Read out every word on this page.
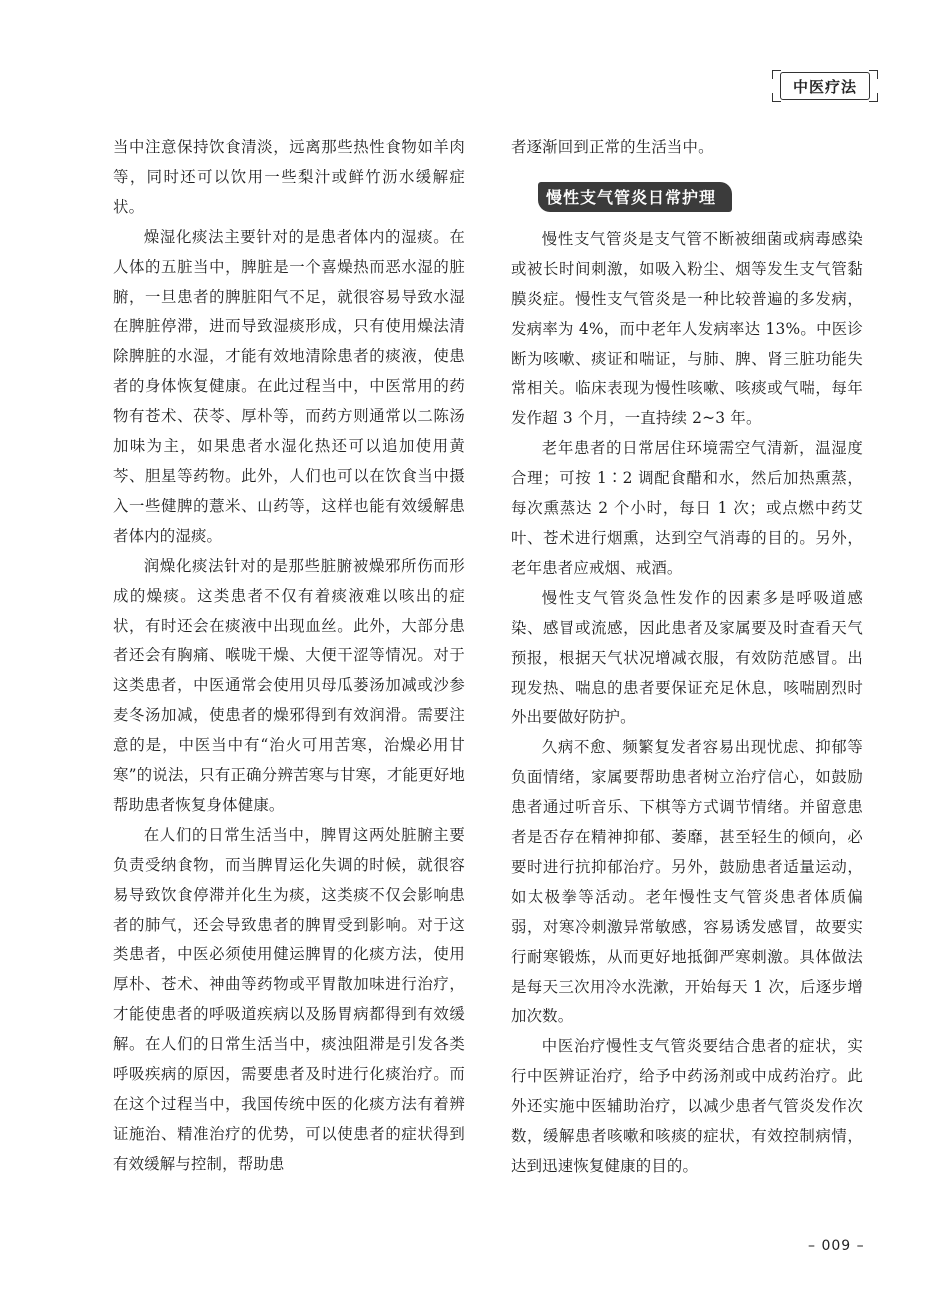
中医疗法

当中注意保持饮食清淡，远离那些热性食物如羊肉等，同时还可以饮用一些梨汁或鲜竹沥水缓解症状。

燥湿化痰法主要针对的是患者体内的湿痰。在人体的五脏当中，脾脏是一个喜燥热而恶水湿的脏腑，一旦患者的脾脏阳气不足，就很容易导致水湿在脾脏停滞，进而导致湿痰形成，只有使用燥法清除脾脏的水湿，才能有效地清除患者的痰液，使患者的身体恢复健康。在此过程当中，中医常用的药物有苍术、茯苓、厚朴等，而药方则通常以二陈汤加味为主，如果患者水湿化热还可以追加使用黄芩、胆星等药物。此外，人们也可以在饮食当中摄入一些健脾的薏米、山药等，这样也能有效缓解患者体内的湿痰。

润燥化痰法针对的是那些脏腑被燥邪所伤而形成的燥痰。这类患者不仅有着痰液难以咳出的症状，有时还会在痰液中出现血丝。此外，大部分患者还会有胸痛、喉咙干燥、大便干涩等情况。对于这类患者，中医通常会使用贝母瓜蒌汤加减或沙参麦冬汤加减，使患者的燥邪得到有效润滑。需要注意的是，中医当中有“治火可用苦寒，治燥必用甘寒”的说法，只有正确分辨苦寒与甘寒，才能更好地帮助患者恢复身体健康。

在人们的日常生活当中，脾胃这两处脏腑主要负责受纳食物，而当脾胃运化失调的时候，就很容易导致饮食停滞并化生为痰，这类痰不仅会影响患者的肺气，还会导致患者的脾胃受到影响。对于这类患者，中医必须使用健运脾胃的化痰方法，使用厚朴、苍术、神曲等药物或平胃散加味进行治疗，才能使患者的呼吸道疾病以及肠胃病都得到有效缓解。在人们的日常生活当中，痰浊阻滞是引发各类呼吸疾病的原因，需要患者及时进行化痰治疗。而在这个过程当中，我国传统中医的化痰方法有着辨证施治、精准治疗的优势，可以使患者的症状得到有效缓解与控制，帮助患

者逐渐回到正常的生活当中。

慢性支气管炎日常护理

慢性支气管炎是支气管不断被细菌或病毒感染或被长时间刺激，如吸入粉尘、烟等发生支气管黏膜炎症。慢性支气管炎是一种比较普遍的多发病，发病率为 4%，而中老年人发病率达 13%。中医诊断为咳嗽、痰证和喘证，与肺、脾、肾三脏功能失常相关。临床表现为慢性咳嗽、咳痰或气喘，每年发作超 3 个月，一直持续 2~3 年。

老年患者的日常居住环境需空气清新，温湿度合理；可按 1∶2 调配食醋和水，然后加热熏蒸，每次熏蒸达 2 个小时，每日 1 次；或点燃中药艾叶、苍术进行烟熏，达到空气消毒的目的。另外，老年患者应戒烟、戒酒。

慢性支气管炎急性发作的因素多是呼吸道感染、感冒或流感，因此患者及家属要及时查看天气预报，根据天气状况增减衣服，有效防范感冒。出现发热、喘息的患者要保证充足休息，咳喘剧烈时外出要做好防护。

久病不愈、频繁复发者容易出现忧虑、抑郁等负面情绪，家属要帮助患者树立治疗信心，如鼓励患者通过听音乐、下棋等方式调节情绪。并留意患者是否存在精神抑郁、萎靡，甚至轻生的倾向，必要时进行抗抑郁治疗。另外，鼓励患者适量运动，如太极拳等活动。老年慢性支气管炎患者体质偏弱，对寒冷刺激异常敏感，容易诱发感冒，故要实行耐寒锻炼，从而更好地抵御严寒刺激。具体做法是每天三次用冷水洗漱，开始每天 1 次，后逐步增加次数。

中医治疗慢性支气管炎要结合患者的症状，实行中医辨证治疗，给予中药汤剂或中成药治疗。此外还实施中医辅助治疗，以减少患者气管炎发作次数，缓解患者咳嗽和咳痰的症状，有效控制病情，达到迅速恢复健康的目的。

– 009 –
